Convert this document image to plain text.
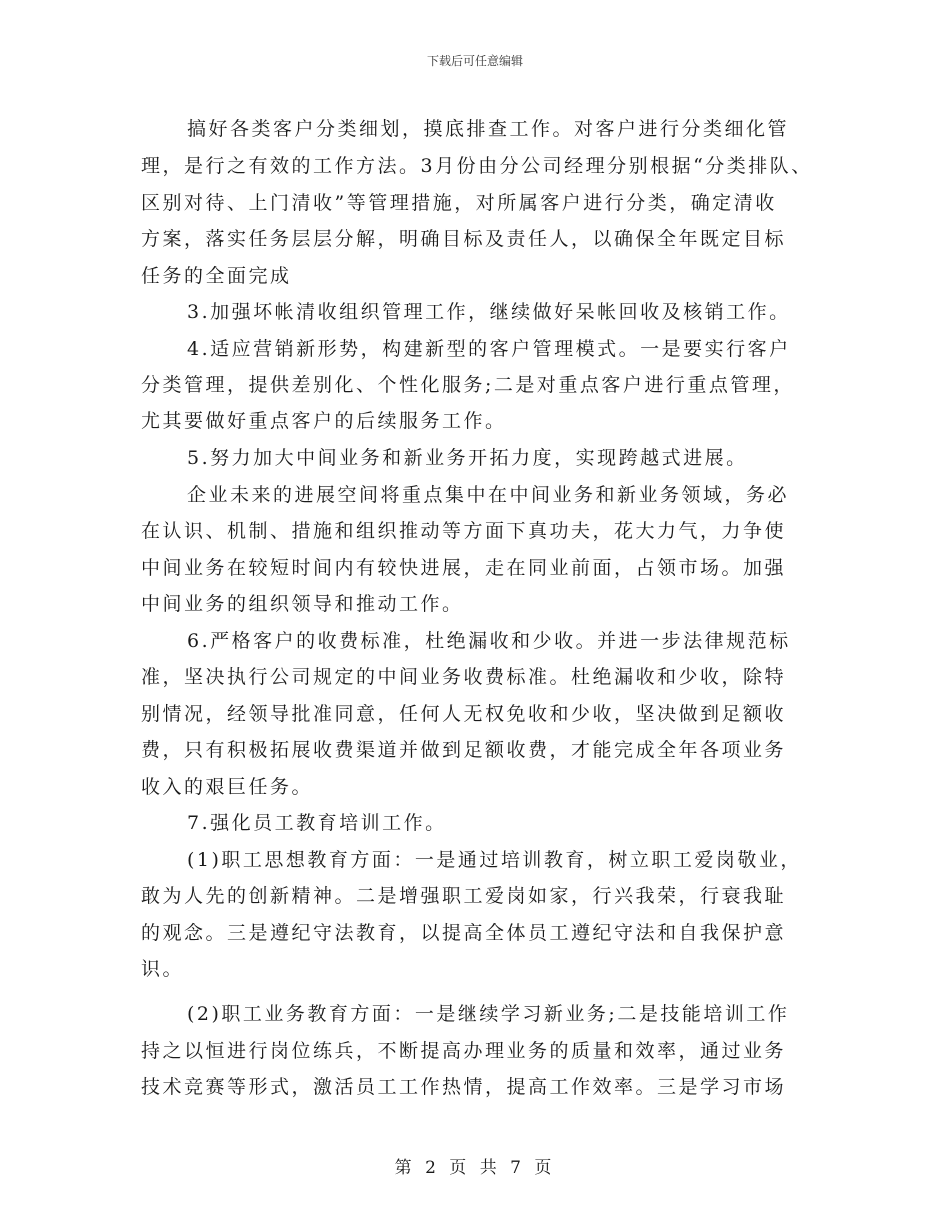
下载后可任意编辑
搞好各类客户分类细划，摸底排查工作。对客户进行分类细化管
理，是行之有效的工作方法。3月份由分公司经理分别根据“分类排队、
区别对待、上门清收”等管理措施，对所属客户进行分类，确定清收
方案，落实任务层层分解，明确目标及责任人，以确保全年既定目标
任务的全面完成
3.加强坏帐清收组织管理工作，继续做好呆帐回收及核销工作。
4.适应营销新形势，构建新型的客户管理模式。一是要实行客户
分类管理，提供差别化、个性化服务;二是对重点客户进行重点管理，
尤其要做好重点客户的后续服务工作。
5.努力加大中间业务和新业务开拓力度，实现跨越式进展。
企业未来的进展空间将重点集中在中间业务和新业务领域，务必
在认识、机制、措施和组织推动等方面下真功夫，花大力气，力争使
中间业务在较短时间内有较快进展，走在同业前面，占领市场。加强
中间业务的组织领导和推动工作。
6.严格客户的收费标准，杜绝漏收和少收。并进一步法律规范标
准，坚决执行公司规定的中间业务收费标准。杜绝漏收和少收，除特
别情况，经领导批准同意，任何人无权免收和少收，坚决做到足额收
费，只有积极拓展收费渠道并做到足额收费，才能完成全年各项业务
收入的艰巨任务。
7.强化员工教育培训工作。
(1)职工思想教育方面：一是通过培训教育，树立职工爱岗敬业，
敢为人先的创新精神。二是增强职工爱岗如家，行兴我荣，行衰我耻
的观念。三是遵纪守法教育，以提高全体员工遵纪守法和自我保护意
识。
(2)职工业务教育方面：一是继续学习新业务;二是技能培训工作
持之以恒进行岗位练兵，不断提高办理业务的质量和效率，通过业务
技术竞赛等形式，激活员工工作热情，提高工作效率。三是学习市场
第 2 页 共 7 页
